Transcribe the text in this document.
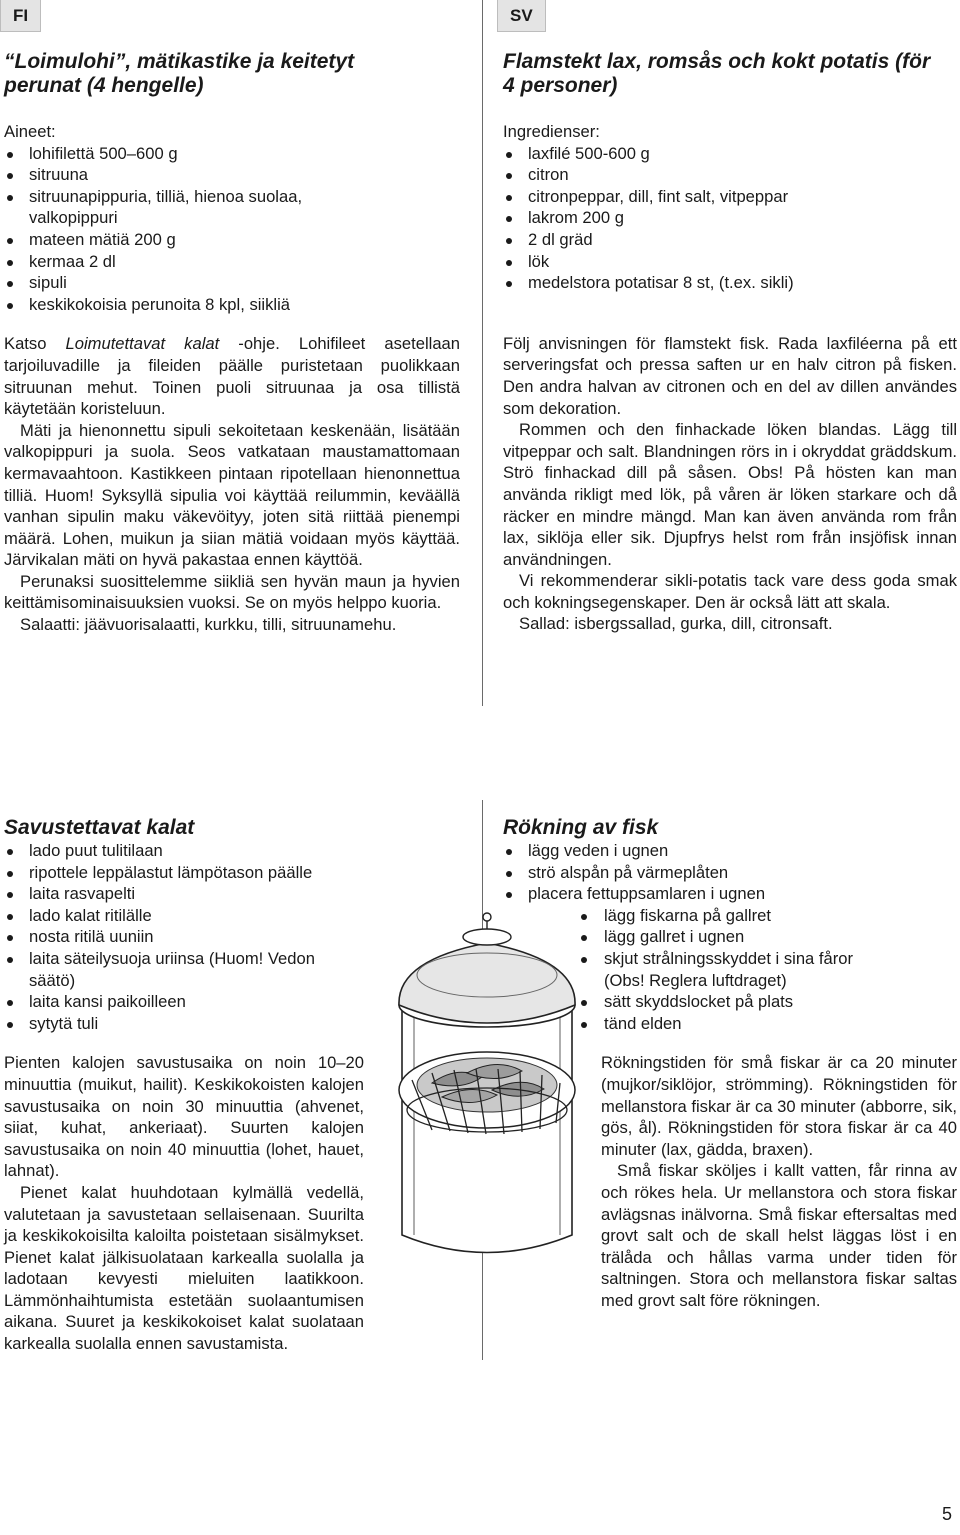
FI	SV
“Loimulohi”, mätikastike ja keitetyt perunat (4 hengelle)

Aineet:

lohifilettä 500–600 g
sitruuna
sitruunapippuria, tilliä, hienoa suolaa, valkopippuri
mateen mätiä 200 g
kermaa 2 dl
sipuli
keskikokoisia perunoita 8 kpl, siikliä

Katso Loimutettavat kalat -ohje. Lohifileet asetellaan tarjoiluvadille ja fileiden päälle puristetaan puolikkaan sitruunan mehut. Toinen puoli sitruunaa ja osa tillistä käytetään koristeluun.

Mäti ja hienonnettu sipuli sekoitetaan keskenään, lisätään valkopippuri ja suola. Seos vatkataan maustamattomaan kermavaahtoon. Kastikkeen pintaan ripotellaan hienonnettua tilliä. Huom! Syksyllä sipulia voi käyttää reilummin, keväällä vanhan sipulin maku väkevöityy, joten sitä riittää pienempi määrä. Lohen, muikun ja siian mätiä voidaan myös käyttää. Järvikalan mäti on hyvä pakastaa ennen käyttöä.

Perunaksi suosittelemme siikliä sen hyvän maun ja hyvien keittämisominaisuuksien vuoksi. Se on myös helppo kuoria.

Salaatti: jäävuorisalaatti, kurkku, tilli, sitruunamehu.

Flamstekt lax, romsås och kokt potatis (för 4 personer)

Ingredienser:

laxfilé 500-600 g
citron
citronpeppar, dill, fint salt, vitpeppar
lakrom 200 g
2 dl gräd
lök
medelstora potatisar 8 st, (t.ex. sikli)

Följ anvisningen för flamstekt fisk. Rada laxfiléerna på ett serveringsfat och pressa saften ur en halv citron på fisken. Den andra halvan av citronen och en del av dillen användes som dekoration.

Rommen och den finhackade löken blandas. Lägg till vitpeppar och salt. Blandningen rörs in i okryddat gräddskum. Strö finhackad dill på såsen. Obs! På hösten kan man använda rikligt med lök, på våren är löken starkare och då räcker en mindre mängd. Man kan även använda rom från lax, siklöja eller sik. Djupfrys helst rom från insjöfisk innan användningen.

Vi rekommenderar sikli-potatis tack vare dess goda smak och kokningsegenskaper. Den är också lätt att skala.

Sallad: isbergssallad, gurka, dill, citronsaft.

Savustettavat kalat
lado puut tulitilaan
ripottele leppälastut lämpötason päälle
laita rasvapelti
lado kalat ritilälle
nosta ritilä uuniin
laita säteilysuoja uriinsa (Huom! Vedon säätö)
laita kansi paikoilleen
sytytä tuli

Pienten kalojen savustusaika on noin 10–20 minuuttia (muikut, hailit). Keskikokoisten kalojen savustusaika on noin 30 minuuttia (ahvenet, siiat, kuhat, ankeriaat). Suurten kalojen savustusaika on noin 40 minuuttia (lohet, hauet, lahnat).

Pienet kalat huuhdotaan kylmällä vedellä, valutetaan ja savustetaan sellaisenaan. Suurilta ja keskikokoisilta kaloilta poistetaan sisälmykset. Pienet kalat jälkisuolataan karkealla suolalla ja ladotaan kevyesti mieluiten laatikkoon. Lämmönhaihtumista estetään suolaantumisen aikana. Suuret ja keskikokoiset kalat suolataan karkealla suolalla ennen savustamista.

Rökning av fisk
lägg veden i ugnen
strö alspån på värmeplåten
placera fettuppsamlaren i ugnen
lägg fiskarna på gallret
lägg gallret i ugnen
skjut strålningsskyddet i sina fåror
(Obs! Reglera luftdraget)
sätt skyddslocket på plats
tänd elden

Rökningstiden för små fiskar är ca 20 minuter (mujkor/siklöjor, strömming). Rökningstiden för mellanstora fiskar är ca 30 minuter (abborre, sik, gös, ål). Rökningstiden för stora fiskar är ca 40 minuter (lax, gädda, braxen).

Små fiskar sköljes i kallt vatten, får rinna av och rökes hela. Ur mellanstora och stora fiskar avlägsnas inälvorna. Små fiskar eftersaltas med grovt salt och de skall helst läggas löst i en trälåda och hållas varma under tiden för saltningen. Stora och mellanstora fiskar saltas med grovt salt före rökningen.

5
